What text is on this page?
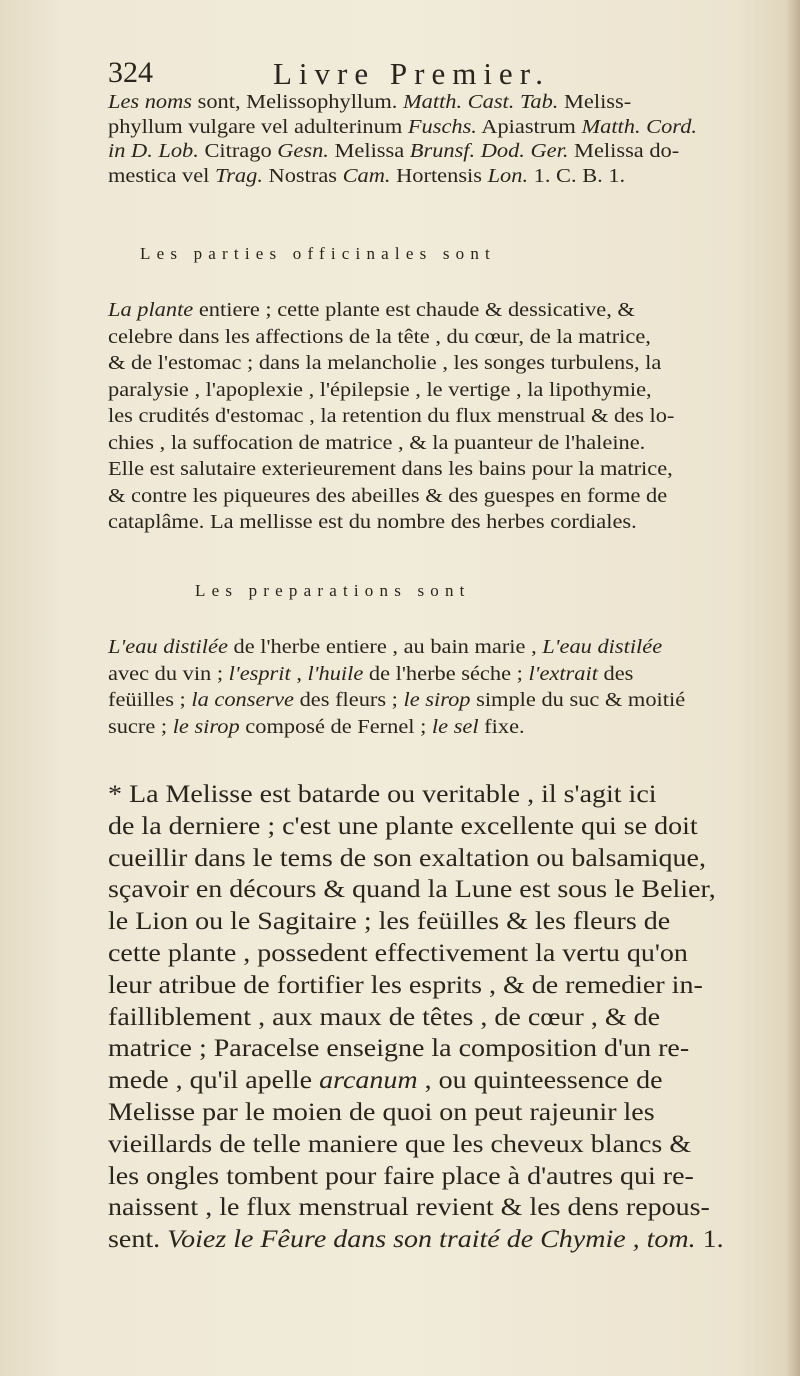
324	Livre Premier.
Les noms sont, Melissophyllum. Matth. Cast. Tab. Meliss-
phyllum vulgare vel adulterinum Fuschs. Apiastrum Matth. Cord.
in D. Lob. Citrago Gesn. Melissa Brunsf. Dod. Ger. Melissa do-
mestica vel Trag. Nostras Cam. Hortensis Lon. 1. C. B. 1.
Les parties officinales sont
La plante entiere ; cette plante est chaude & dessicative, &
celebre dans les affections de la tête , du cœur, de la matrice,
& de l'estomac ; dans la melancholie , les songes turbulens, la
paralysie , l'apoplexie , l'épilepsie , le vertige , la lipothymie,
les crudités d'estomac , la retention du flux menstrual & des lo-
chies , la suffocation de matrice , & la puanteur de l'haleine.
Elle est salutaire exterieurement dans les bains pour la matrice,
& contre les piqueures des abeilles & des guespes en forme de
cataplâme. La mellisse est du nombre des herbes cordiales.
Les preparations sont
L'eau distilée de l'herbe entiere , au bain marie , L'eau distilée
avec du vin ; l'esprit , l'huile de l'herbe séche ; l'extrait des
feüilles ; la conserve des fleurs ; le sirop simple du suc & moitié
sucre ; le sirop composé de Fernel ; le sel fixe.
* La Melisse est batarde ou veritable , il s'agit ici
de la derniere ; c'est une plante excellente qui se doit
cueillir dans le tems de son exaltation ou balsamique,
sçavoir en décours & quand la Lune est sous le Belier,
le Lion ou le Sagitaire ; les feüilles & les fleurs de
cette plante , possedent effectivement la vertu qu'on
leur atribue de fortifier les esprits , & de remedier in-
failliblement , aux maux de têtes , de cœur , & de
matrice ; Paracelse enseigne la composition d'un re-
mede , qu'il apelle arcanum , ou quinteessence de
Melisse par le moien de quoi on peut rajeunir les
vieillards de telle maniere que les cheveux blancs &
les ongles tombent pour faire place à d'autres qui re-
naissent , le flux menstrual revient & les dens repous-
sent. Voiez le Fêure dans son traité de Chymie , tom. 1.
